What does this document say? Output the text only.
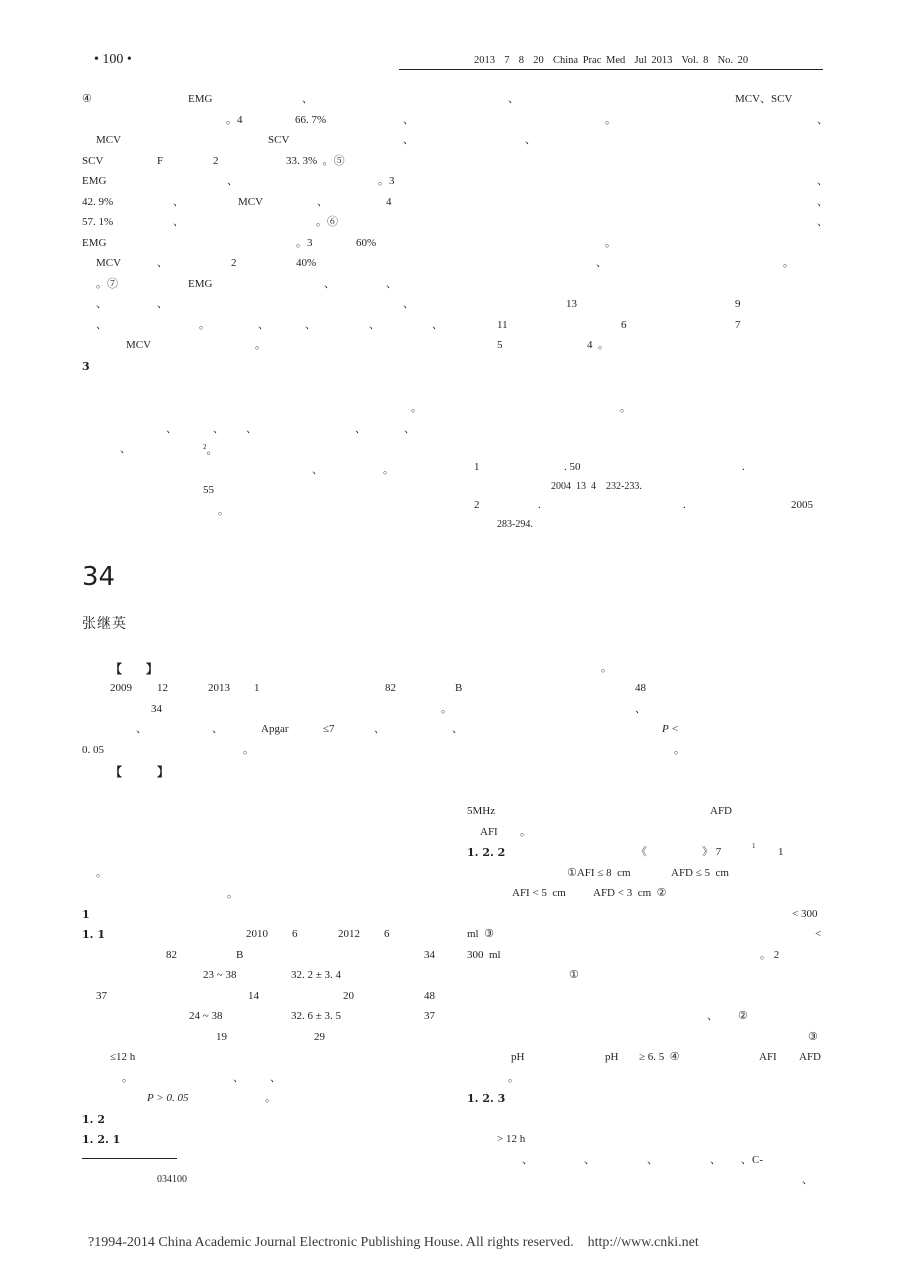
• 100 •	2013  7  8  20  China Prac Med  Jul 2013  Vol. 8  No. 20
④	EMG	、	、	MCV、SCV
。4	66. 7%	、	。	、
MCV	SCV	、	、
SCV	F	2	33. 3%  。⑤
EMG	、	。3	、
42. 9%	、	MCV	、	4	、
57. 1%	、	。⑥	、
EMG	。3	60%	。
MCV	、	2	40%	、	。
。⑦	EMG	、	、
、	、	、	13	9
、	。	、	、	、	、	11	6	7
MCV	。	5	4  。
3
。	。
、	、 、	、	、
、	$^2$。
、	。	1	. 50	.
55	2004  13  4    232-233.
。	2	.	.	2005
283-294.
34
张继英
【 】	。
2009 12	2013 1	82	B	48
34	。	、
、	、	Apgar	≤7	、	、	P <
0. 05	。	。
【	】
。
。
1
1. 1	2010 6	2012 6
82	B	34
23 ~ 38	32. 2 ± 3. 4
37	14	20	48
24 ~ 38	32. 6 ± 3. 5	37
19	29
≤12 h
。	、 、
P > 0. 05	。
1. 2
1. 2. 1
034100
5MHz	AFD
AFI 。
1. 2. 2	《	》 7	1 1
①AFI ≤ 8  cm	AFD ≤ 5  cm
AFI < 5  cm AFD < 3  cm  ②
< 300
ml  ③	<
300  ml	。 2
①
、 ②
③
pH	pH ≥ 6. 5  ④	AFI AFD
。
1. 2. 3
> 12 h
、	、	、	、 、C-
、
?1994-2014 China Academic Journal Electronic Publishing House. All rights reserved.    http://www.cnki.net
